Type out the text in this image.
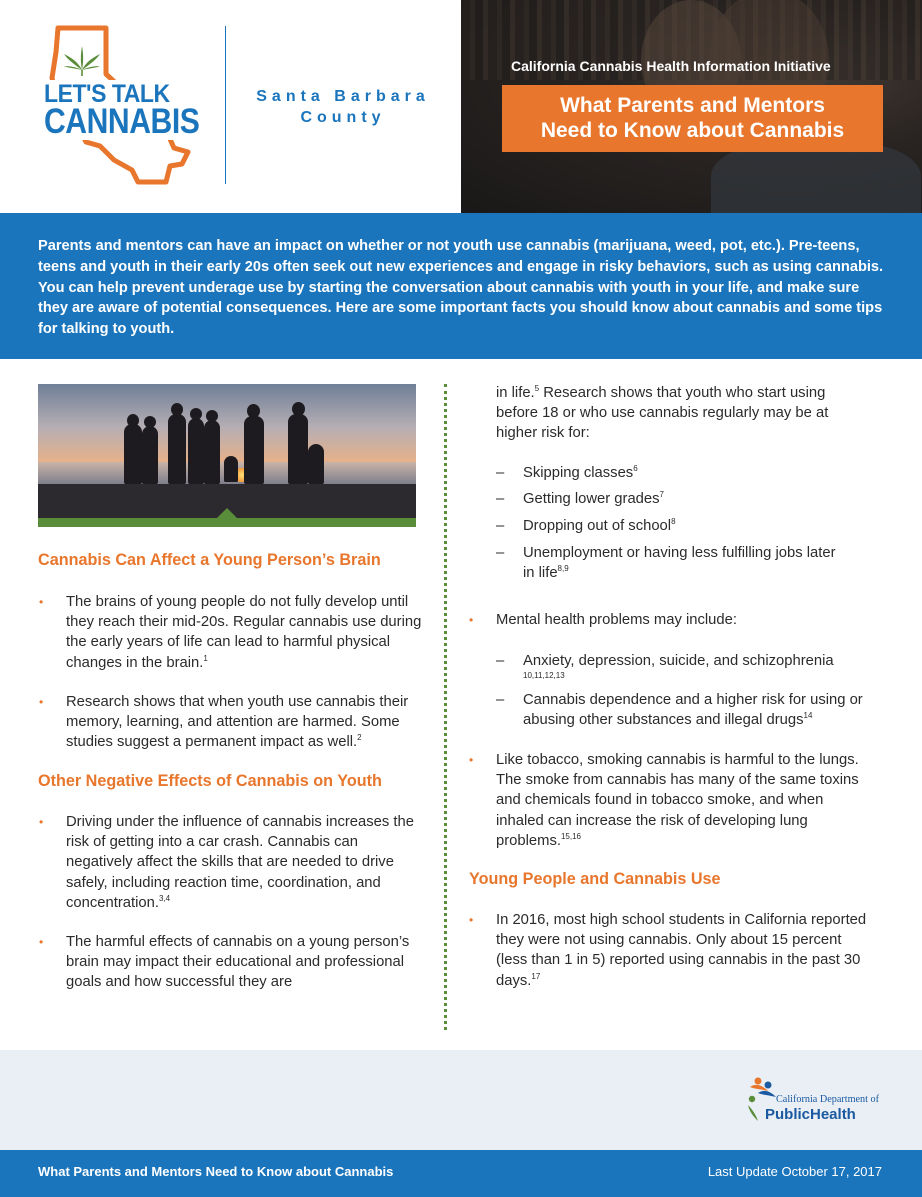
LET'S TALK
CANNABIS
Santa Barbara
County
California Cannabis Health Information Initiative
What Parents and Mentors
Need to Know about Cannabis

Parents and mentors can have an impact on whether or not youth use cannabis (marijuana, weed, pot, etc.). Pre-teens, teens and youth in their early 20s often seek out new experiences and engage in risky behaviors, such as using cannabis. You can help prevent underage use by starting the conversation about cannabis with youth in your life, and make sure they are aware of potential consequences. Here are some important facts you should know about cannabis and some tips for talking to youth.

Cannabis Can Affect a Young Person’s Brain
• The brains of young people do not fully develop until they reach their mid-20s. Regular cannabis use during the early years of life can lead to harmful physical changes in the brain.$^1$
• Research shows that when youth use cannabis their memory, learning, and attention are harmed. Some studies suggest a permanent impact as well.$^2$
Other Negative Effects of Cannabis on Youth
• Driving under the influence of cannabis increases the risk of getting into a car crash. Cannabis can negatively affect the skills that are needed to drive safely, including reaction time, coordination, and concentration.$^{3,4}$
• The harmful effects of cannabis on a young person’s brain may impact their educational and professional goals and how successful they are
in life.$^5$ Research shows that youth who start using before 18 or who use cannabis regularly may be at higher risk for:
– Skipping classes$^6$
– Getting lower grades$^7$
– Dropping out of school$^8$
– Unemployment or having less fulfilling jobs later in life$^{8,9}$
• Mental health problems may include:
– Anxiety, depression, suicide, and schizophrenia
10,11,12,13
– Cannabis dependence and a higher risk for using or abusing other substances and illegal drugs$^{14}$
• Like tobacco, smoking cannabis is harmful to the lungs. The smoke from cannabis has many of the same toxins and chemicals found in tobacco smoke, and when inhaled can increase the risk of developing lung problems.$^{15,16}$
Young People and Cannabis Use
• In 2016, most high school students in California reported they were not using cannabis. Only about 15 percent (less than 1 in 5) reported using cannabis in the past 30 days.$^{17}$
California Department of
PublicHealth
What Parents and Mentors Need to Know about Cannabis	Last Update October 17, 2017
